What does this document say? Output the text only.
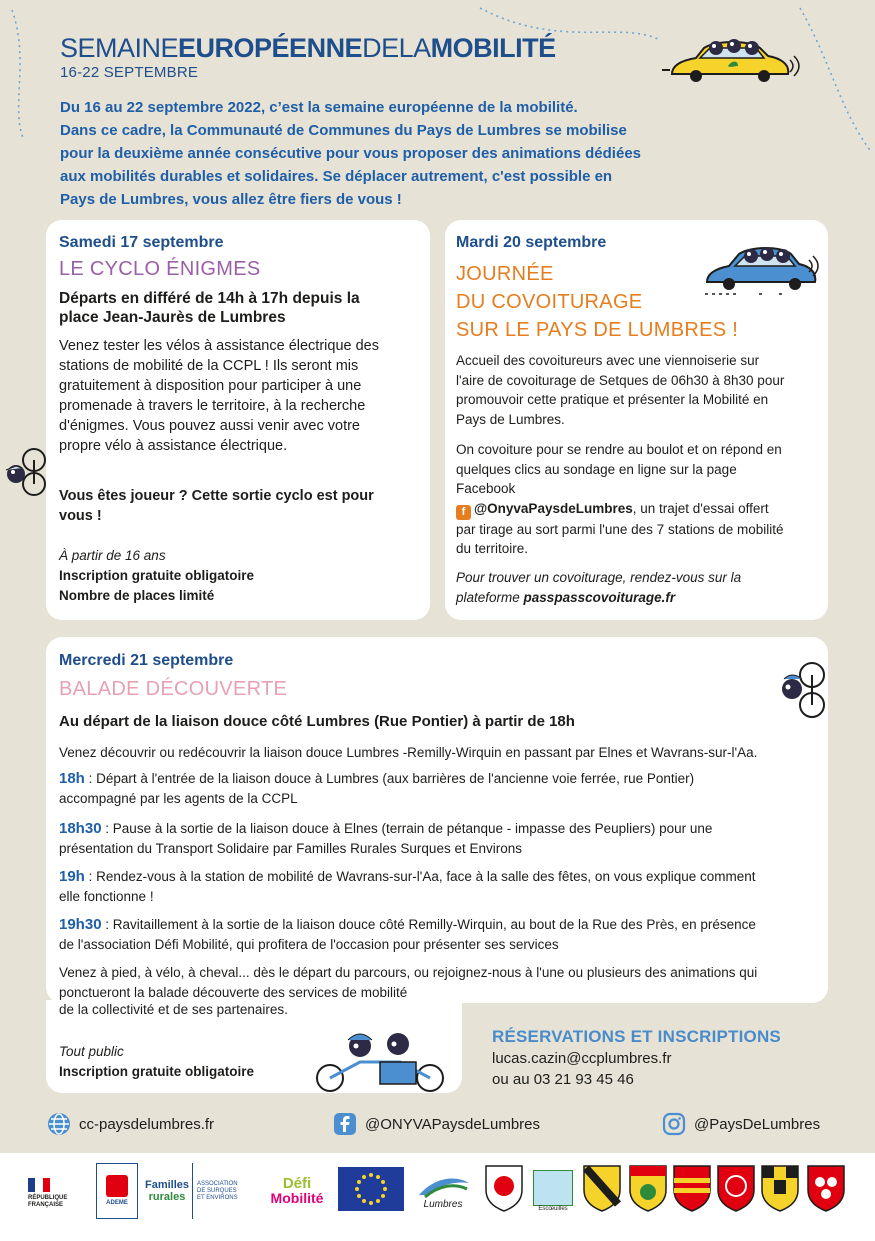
SEMAINEEUROPÉENNEDELAMOBILITÉ
16-22 SEPTEMBRE
Du 16 au 22 septembre 2022, c’est la semaine européenne de la mobilité.
Dans ce cadre, la Communauté de Communes du Pays de Lumbres se mobilise
pour la deuxième année consécutive pour vous proposer des animations dédiées
aux mobilités durables et solidaires. Se déplacer autrement, c'est possible en
Pays de Lumbres, vous allez être fiers de vous !
Samedi 17 septembre
LE CYCLO ÉNIGMES
Départs en différé de 14h à 17h depuis la
place Jean-Jaurès de Lumbres
Venez tester les vélos à assistance électrique des
stations de mobilité de la CCPL ! Ils seront mis
gratuitement à disposition pour participer à une
promenade à travers le territoire, à la recherche
d'énigmes. Vous pouvez aussi venir avec votre
propre vélo à assistance électrique.
Vous êtes joueur ? Cette sortie cyclo est pour
vous !
À partir de 16 ans
Inscription gratuite obligatoire
Nombre de places limité
Mardi 20 septembre
JOURNÉE
DU COVOITURAGE
SUR LE PAYS DE LUMBRES !
Accueil des covoitureurs avec une viennoiserie sur
l'aire de covoiturage de Setques de 06h30 à 8h30 pour
promouvoir cette pratique et présenter la Mobilité en
Pays de Lumbres.
On covoiture pour se rendre au boulot et on répond en
quelques clics au sondage en ligne sur la page
Facebook
f @OnyvaPaysdeLumbres, un trajet d'essai offert
par tirage au sort parmi l'une des 7 stations de mobilité
du territoire.
Pour trouver un covoiturage, rendez-vous sur la
plateforme passpasscovoiturage.fr
Mercredi 21 septembre
BALADE DÉCOUVERTE
Au départ de la liaison douce côté Lumbres (Rue Pontier) à partir de 18h
Venez découvrir ou redécouvrir la liaison douce Lumbres -Remilly-Wirquin en passant par Elnes et Wavrans-sur-l'Aa.
18h : Départ à l'entrée de la liaison douce à Lumbres (aux barrières de l'ancienne voie ferrée, rue Pontier)
accompagné par les agents de la CCPL
18h30 : Pause à la sortie de la liaison douce à Elnes (terrain de pétanque - impasse des Peupliers) pour une
présentation du Transport Solidaire par Familles Rurales Surques et Environs
19h : Rendez-vous à la station de mobilité de Wavrans-sur-l'Aa, face à la salle des fêtes, on vous explique comment
elle fonctionne !
19h30 : Ravitaillement à la sortie de la liaison douce côté Remilly-Wirquin, au bout de la Rue des Près, en présence
de l'association Défi Mobilité, qui profitera de l'occasion pour présenter ses services
Venez à pied, à vélo, à cheval... dès le départ du parcours, ou rejoignez-nous à l'une ou plusieurs des animations qui
ponctueront la balade découverte des services de mobilité
de la collectivité et de ses partenaires.
Tout public
Inscription gratuite obligatoire
RÉSERVATIONS ET INSCRIPTIONS
lucas.cazin@ccplumbres.fr
ou au 03 21 93 45 46
cc-paysdelumbres.fr	@ONYVAPaysdeLumbres	@PaysDeLumbres
RÉPUBLIQUE
FRANÇAISE	ADEME
Familles
rurales
ASSOCIATION
DE SURQUES
ET ENVIRONS
Défi
Mobilité	Lumbres	Escœuilles
